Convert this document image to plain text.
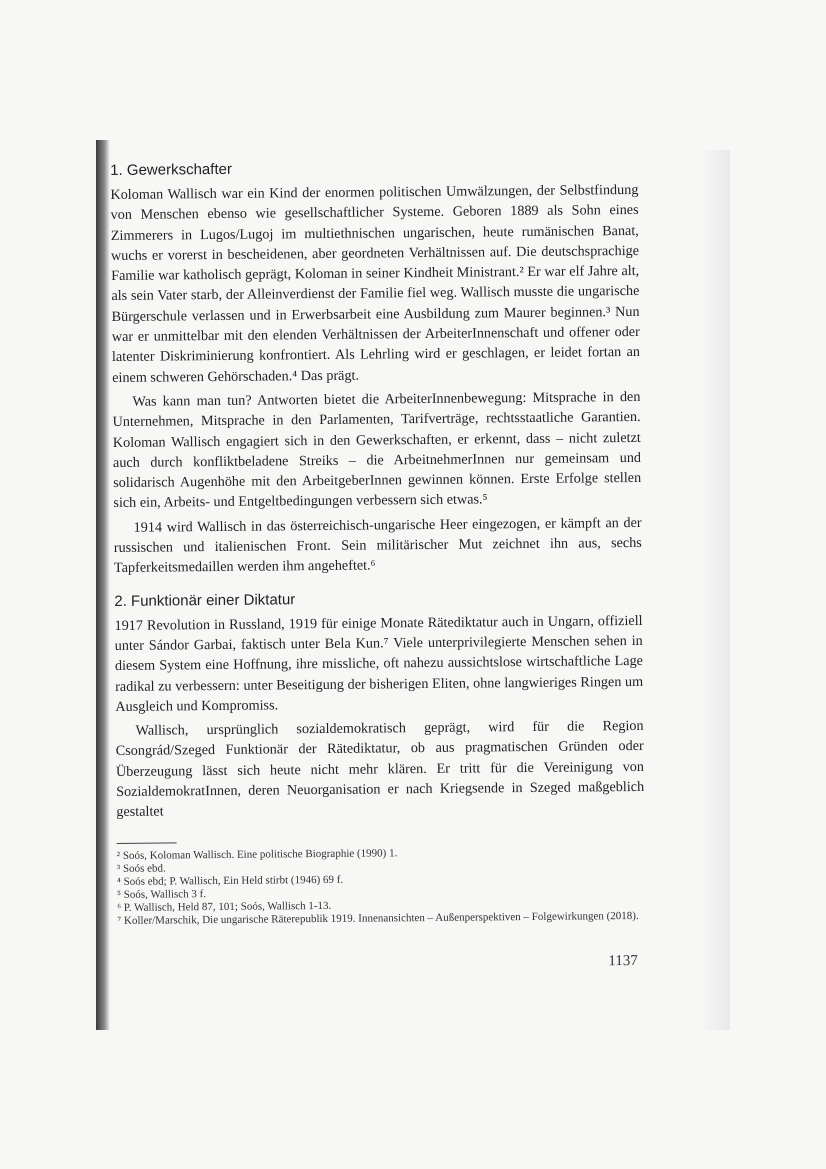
1. Gewerkschafter

Koloman Wallisch war ein Kind der enormen politischen Umwälzungen, der Selbstfindung von Menschen ebenso wie gesellschaftlicher Systeme. Geboren 1889 als Sohn eines Zimmerers in Lugos/Lugoj im multiethnischen ungarischen, heute rumänischen Banat, wuchs er vorerst in bescheidenen, aber geordneten Verhältnissen auf. Die deutschsprachige Familie war katholisch geprägt, Koloman in seiner Kindheit Ministrant.² Er war elf Jahre alt, als sein Vater starb, der Alleinverdienst der Familie fiel weg. Wallisch musste die ungarische Bürgerschule verlassen und in Erwerbsarbeit eine Ausbildung zum Maurer beginnen.³ Nun war er unmittelbar mit den elenden Verhältnissen der ArbeiterInnenschaft und offener oder latenter Diskriminierung konfrontiert. Als Lehrling wird er geschlagen, er leidet fortan an einem schweren Gehörschaden.⁴ Das prägt.

Was kann man tun? Antworten bietet die ArbeiterInnenbewegung: Mitsprache in den Unternehmen, Mitsprache in den Parlamenten, Tarifverträge, rechtsstaatliche Garantien. Koloman Wallisch engagiert sich in den Gewerkschaften, er erkennt, dass – nicht zuletzt auch durch konfliktbeladene Streiks – die ArbeitnehmerInnen nur gemeinsam und solidarisch Augenhöhe mit den ArbeitgeberInnen gewinnen können. Erste Erfolge stellen sich ein, Arbeits- und Entgeltbedingungen verbessern sich etwas.⁵

1914 wird Wallisch in das österreichisch-ungarische Heer eingezogen, er kämpft an der russischen und italienischen Front. Sein militärischer Mut zeichnet ihn aus, sechs Tapferkeitsmedaillen werden ihm angeheftet.⁶

2. Funktionär einer Diktatur

1917 Revolution in Russland, 1919 für einige Monate Rätediktatur auch in Ungarn, offiziell unter Sándor Garbai, faktisch unter Bela Kun.⁷ Viele unterprivilegierte Menschen sehen in diesem System eine Hoffnung, ihre missliche, oft nahezu aussichtslose wirtschaftliche Lage radikal zu verbessern: unter Beseitigung der bisherigen Eliten, ohne langwieriges Ringen um Ausgleich und Kompromiss.

Wallisch, ursprünglich sozialdemokratisch geprägt, wird für die Region Csongrád/Szeged Funktionär der Rätediktatur, ob aus pragmatischen Gründen oder Überzeugung lässt sich heute nicht mehr klären. Er tritt für die Vereinigung von SozialdemokratInnen, deren Neuorganisation er nach Kriegsende in Szeged maßgeblich gestaltet

² Soós, Koloman Wallisch. Eine politische Biographie (1990) 1.

³ Soós ebd.

⁴ Soós ebd; P. Wallisch, Ein Held stirbt (1946) 69 f.

⁵ Soós, Wallisch 3 f.

⁶ P. Wallisch, Held 87, 101; Soós, Wallisch 1-13.

⁷ Koller/Marschik, Die ungarische Räterepublik 1919. Innenansichten – Außenperspektiven – Folgewirkungen (2018).

1137
